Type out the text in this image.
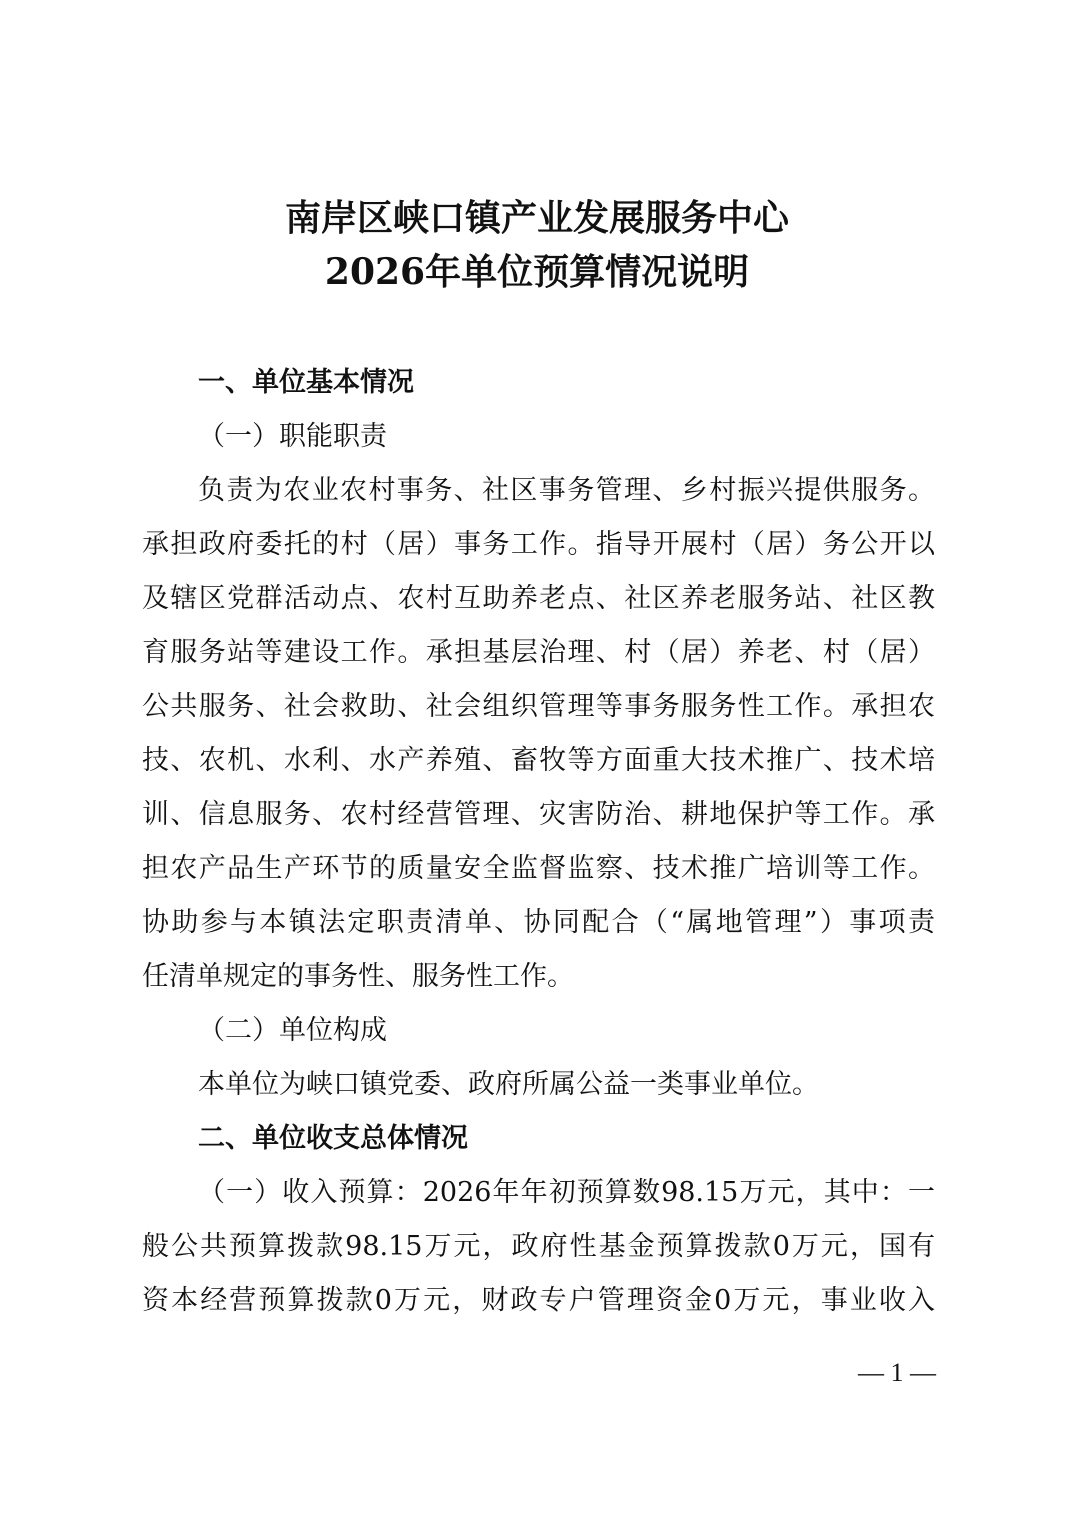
南岸区峡口镇产业发展服务中心
2026年单位预算情况说明
一、单位基本情况
（一）职能职责
负责为农业农村事务、社区事务管理、乡村振兴提供服务。
承担政府委托的村（居）事务工作。指导开展村（居）务公开以
及辖区党群活动点、农村互助养老点、社区养老服务站、社区教
育服务站等建设工作。承担基层治理、村（居）养老、村（居）
公共服务、社会救助、社会组织管理等事务服务性工作。承担农
技、农机、水利、水产养殖、畜牧等方面重大技术推广、技术培
训、信息服务、农村经营管理、灾害防治、耕地保护等工作。承
担农产品生产环节的质量安全监督监察、技术推广培训等工作。
协助参与本镇法定职责清单、协同配合（“属地管理”）事项责
任清单规定的事务性、服务性工作。
（二）单位构成
本单位为峡口镇党委、政府所属公益一类事业单位。
二、单位收支总体情况
（一）收入预算：2026年年初预算数98.15万元，其中：一
般公共预算拨款98.15万元，政府性基金预算拨款0万元，国有
资本经营预算拨款0万元，财政专户管理资金0万元，事业收入
— 1 —
